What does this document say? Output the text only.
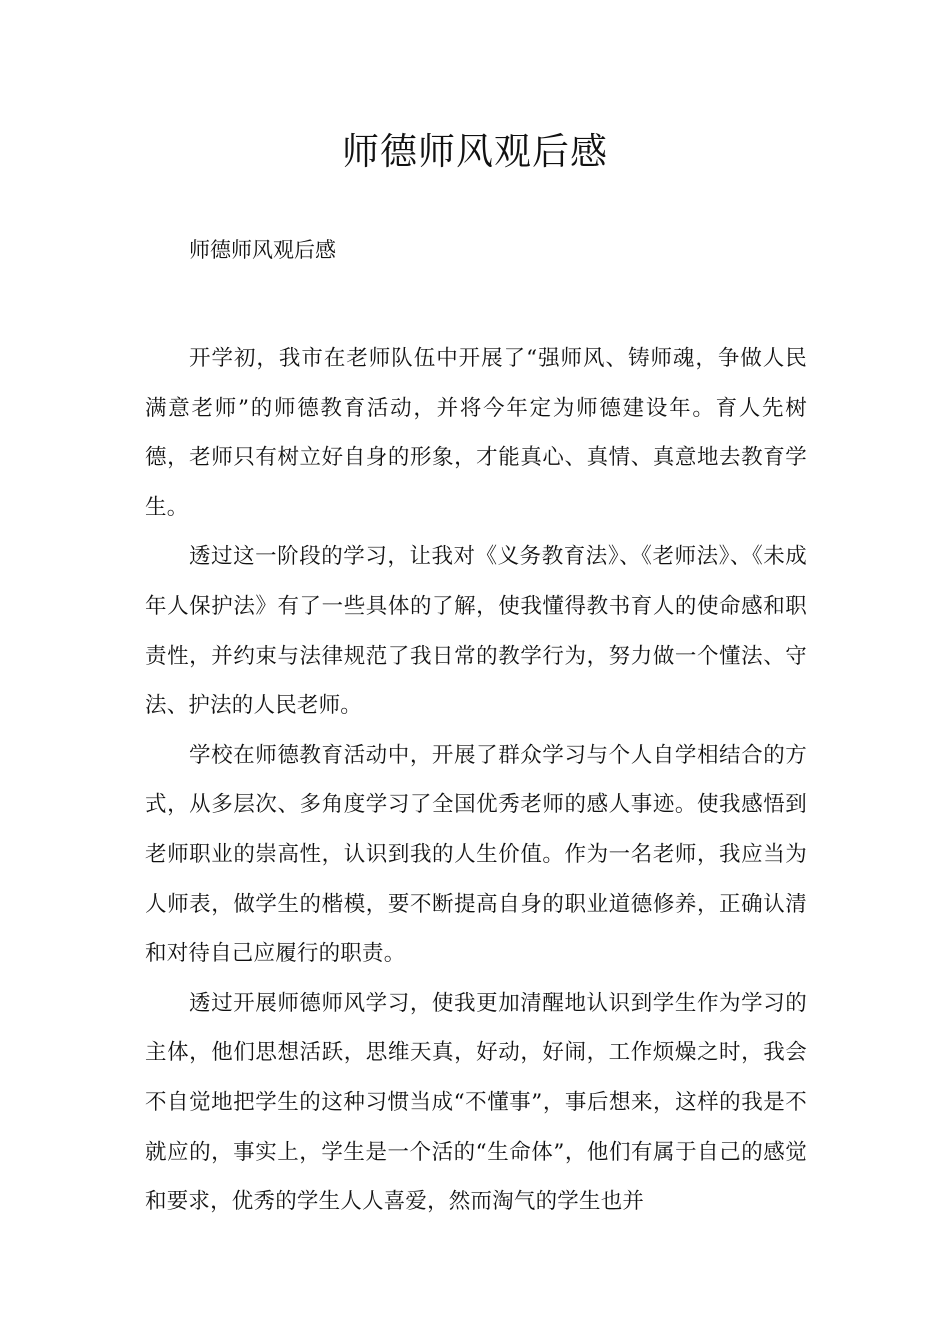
师德师风观后感

师德师风观后感

开学初，我市在老师队伍中开展了“强师风、铸师魂，争做人民满意老师”的师德教育活动，并将今年定为师德建设年。育人先树德，老师只有树立好自身的形象，才能真心、真情、真意地去教育学生。

透过这一阶段的学习，让我对《义务教育法》、《老师法》、《未成年人保护法》有了一些具体的了解，使我懂得教书育人的使命感和职责性，并约束与法律规范了我日常的教学行为，努力做一个懂法、守法、护法的人民老师。

学校在师德教育活动中，开展了群众学习与个人自学相结合的方式，从多层次、多角度学习了全国优秀老师的感人事迹。使我感悟到老师职业的崇高性，认识到我的人生价值。作为一名老师，我应当为人师表，做学生的楷模，要不断提高自身的职业道德修养，正确认清和对待自己应履行的职责。

透过开展师德师风学习，使我更加清醒地认识到学生作为学习的主体，他们思想活跃，思维天真，好动，好闹，工作烦燥之时，我会不自觉地把学生的这种习惯当成“不懂事”，事后想来，这样的我是不就应的，事实上，学生是一个活的“生命体”，他们有属于自己的感觉和要求，优秀的学生人人喜爱，然而淘气的学生也并
